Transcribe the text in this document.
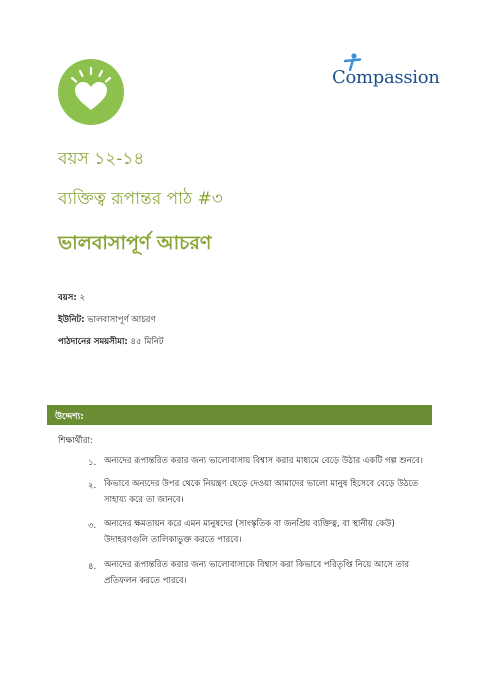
Compassion
বয়স ১২-১৪
ব্যক্তিত্ব রূপান্তর পাঠ #৩
ভালবাসাপূর্ণ আচরণ
বয়স: ২
ইউনিট: ভালবাসাপূর্ণ আচরণ
পাঠদানের সময়সীমা: ৪৫ মিনিট
উদ্দেশ্য:
শিক্ষার্থীরা:
১. অন্যদের রূপান্তরিত করার জন্য ভালোবাসায় বিশ্বাস করার মাধ্যমে বেড়ে উঠার একটি গল্প শুনবে।
২. কিভাবে অন্যদের উপর থেকে নিয়ন্ত্রণ ছেড়ে দেওয়া আমাদের ভালো মানুষ হিসেবে বেড়ে উঠতে সাহায্য করে তা জানবে।
৩. অন্যদের ক্ষমতায়ন করে এমন মানুষদের (সাংস্কৃতিক বা জনপ্রিয় ব্যক্তিত্ব, বা স্থানীয় কেউ) উদাহরণগুলি তালিকাভুক্ত করতে পারবে।
৪. অন্যদের রূপান্তরিত করার জন্য ভালোবাসাকে বিশ্বাস করা কিভাবে পরিতৃপ্তি নিয়ে আসে তার প্রতিফলন করতে পারবে।
